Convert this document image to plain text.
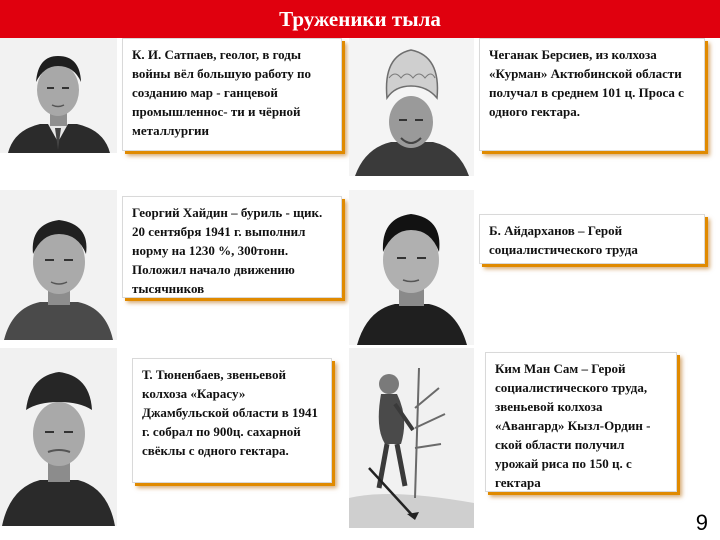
Труженики тыла
К. И. Сатпаев, геолог, в годы войны вёл большую работу по созданию мар - ганцевой промышленнос- ти и чёрной металлургии
Чеганак Берсиев, из колхоза «Курман» Актюбинской области получал в среднем 101 ц. Проса с одного гектара.
Георгий Хайдин – буриль - щик. 20 сентября 1941 г. выполнил норму на 1230 %, 300тонн. Положил начало движению тысячников
Б. Айдарханов – Герой социалистического труда
Т. Тюненбаев, звеньевой колхоза «Карасу» Джамбульской области в 1941 г. собрал по 900ц. сахарной свёклы с одного гектара.
Ким Ман Сам – Герой социалистического труда, звеньевой колхоза «Авангард» Кызл-Ордин - ской области получил урожай риса по 150 ц. с гектара
9
